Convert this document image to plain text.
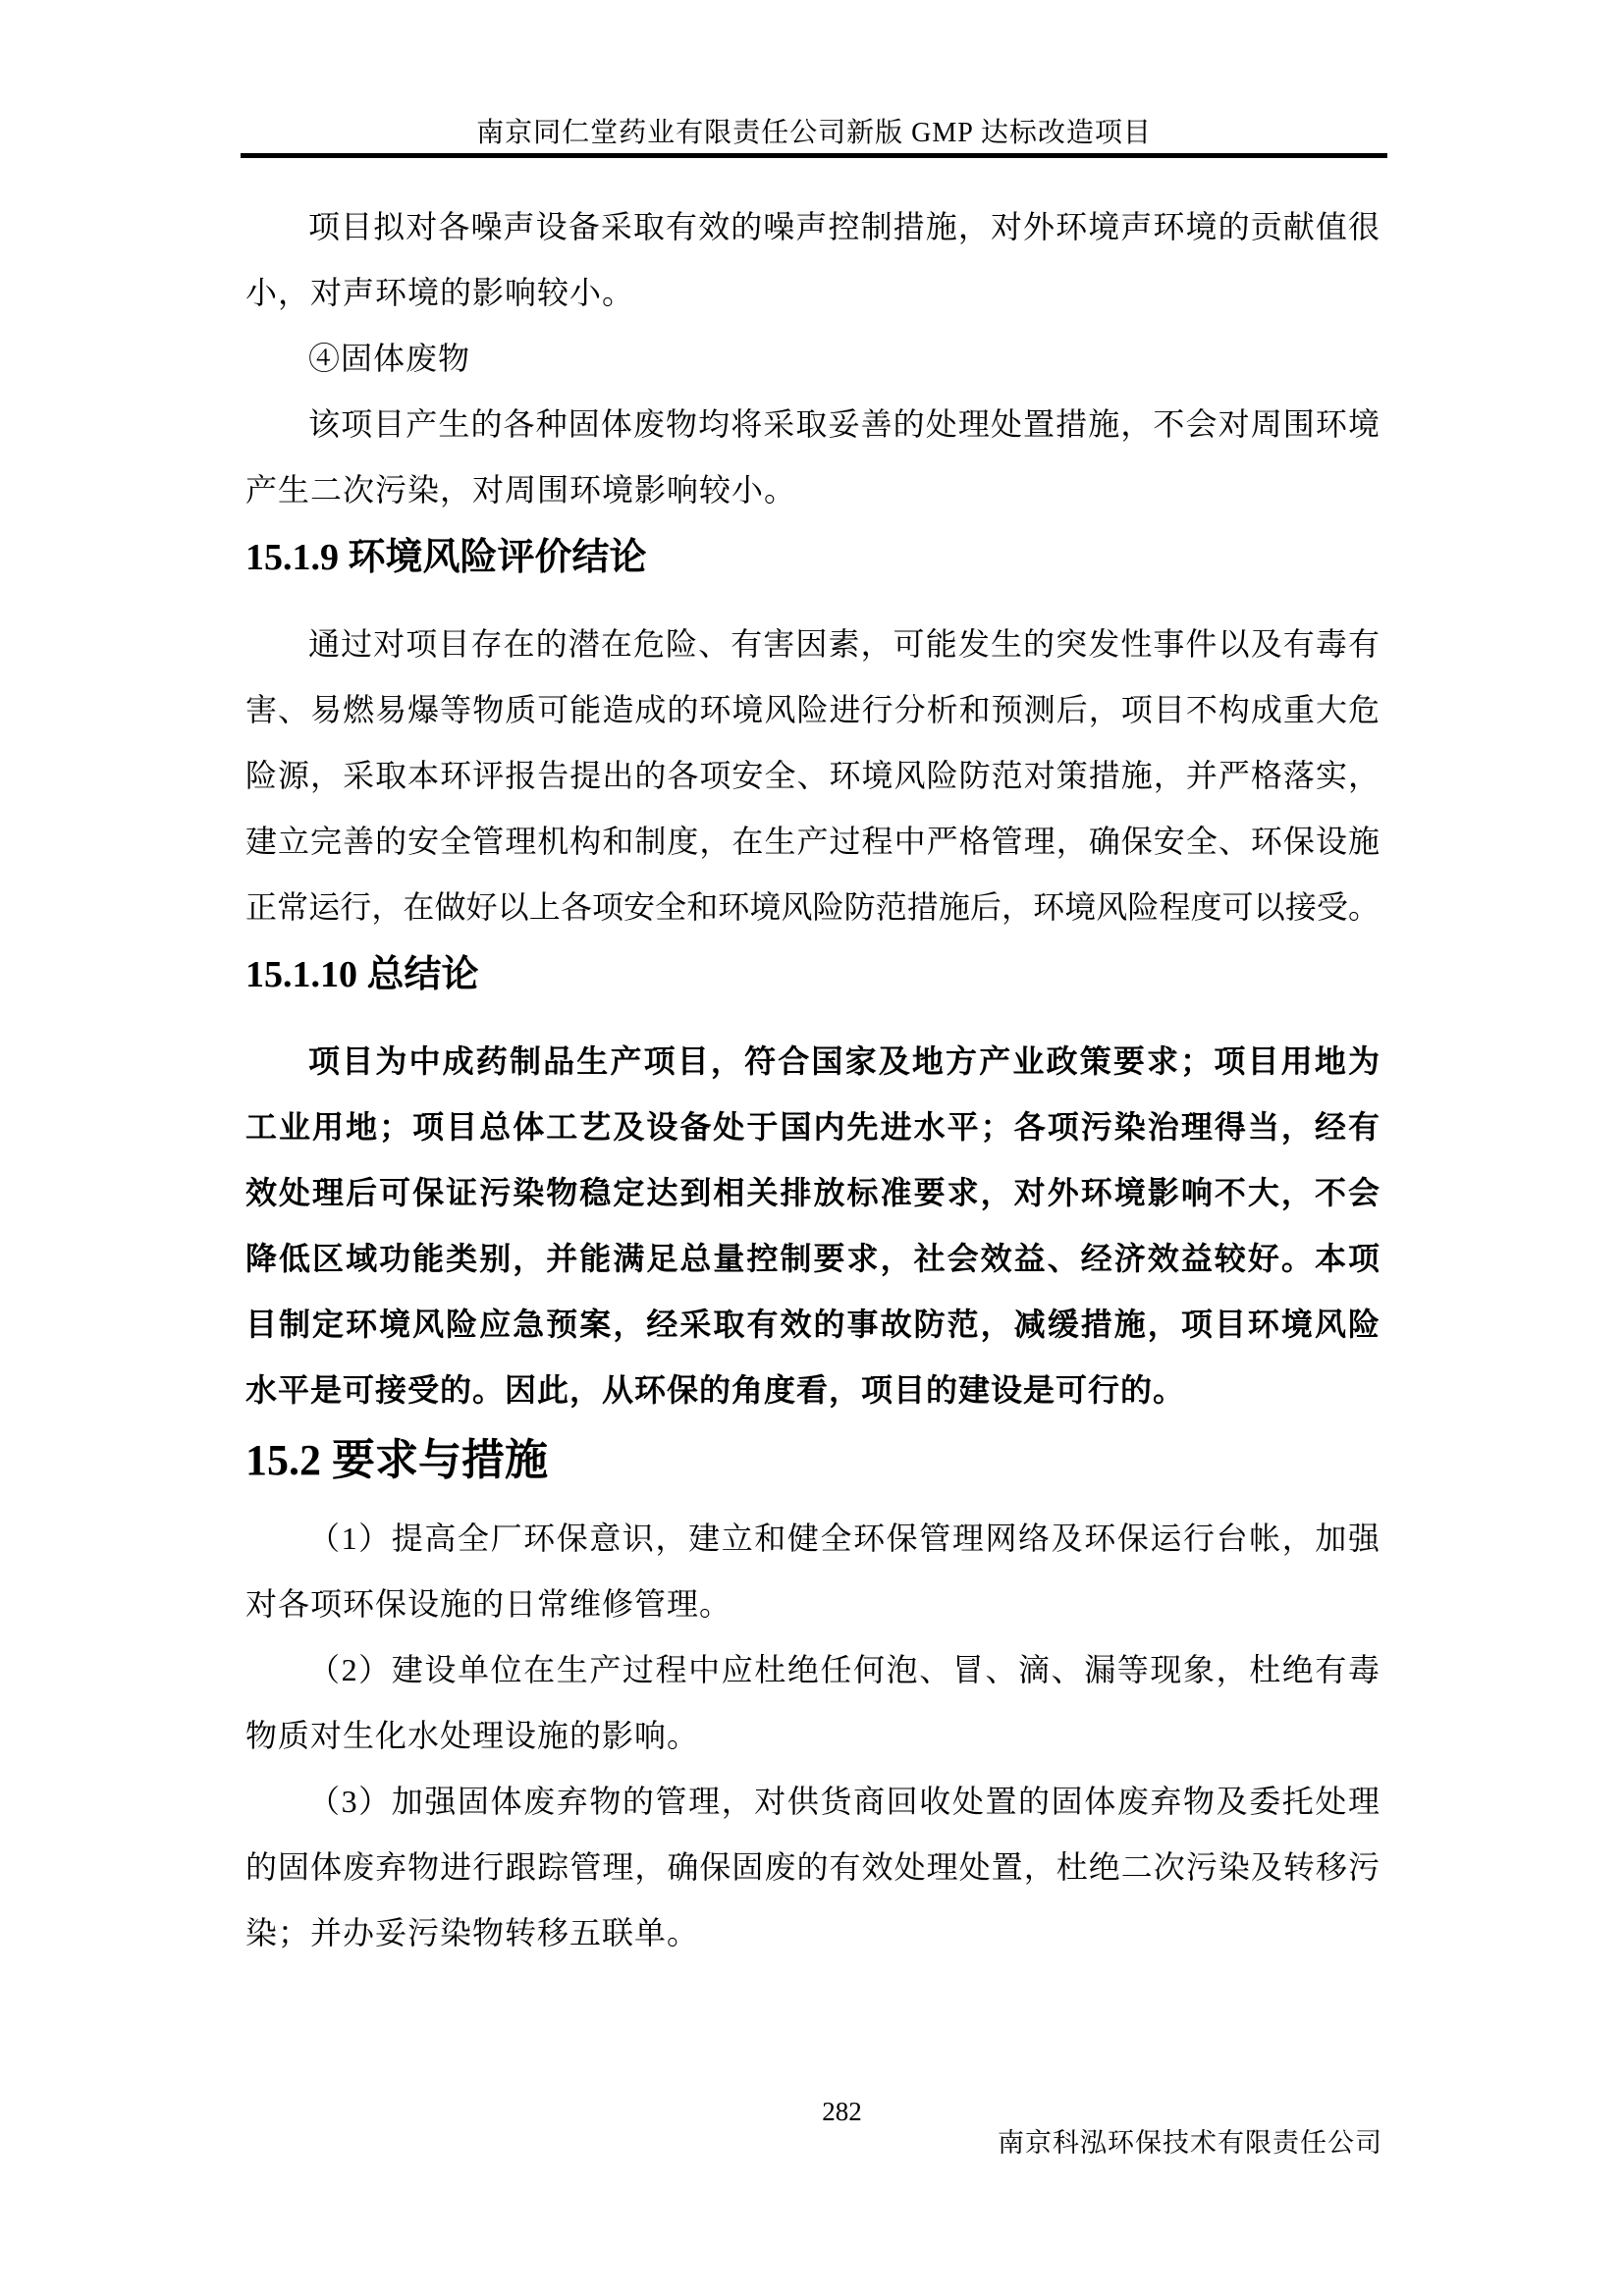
南京同仁堂药业有限责任公司新版 GMP 达标改造项目
项目拟对各噪声设备采取有效的噪声控制措施，对外环境声环境的贡献值很
小，对声环境的影响较小。
④固体废物
该项目产生的各种固体废物均将采取妥善的处理处置措施，不会对周围环境
产生二次污染，对周围环境影响较小。
15.1.9 环境风险评价结论
通过对项目存在的潜在危险、有害因素，可能发生的突发性事件以及有毒有
害、易燃易爆等物质可能造成的环境风险进行分析和预测后，项目不构成重大危
险源，采取本环评报告提出的各项安全、环境风险防范对策措施，并严格落实，
建立完善的安全管理机构和制度，在生产过程中严格管理，确保安全、环保设施
正常运行，在做好以上各项安全和环境风险防范措施后，环境风险程度可以接受。
15.1.10 总结论
项目为中成药制品生产项目，符合国家及地方产业政策要求；项目用地为
工业用地；项目总体工艺及设备处于国内先进水平；各项污染治理得当，经有
效处理后可保证污染物稳定达到相关排放标准要求，对外环境影响不大，不会
降低区域功能类别，并能满足总量控制要求，社会效益、经济效益较好。本项
目制定环境风险应急预案，经采取有效的事故防范，减缓措施，项目环境风险
水平是可接受的。因此，从环保的角度看，项目的建设是可行的。
15.2 要求与措施
（1）提高全厂环保意识，建立和健全环保管理网络及环保运行台帐，加强
对各项环保设施的日常维修管理。
（2）建设单位在生产过程中应杜绝任何泡、冒、滴、漏等现象，杜绝有毒
物质对生化水处理设施的影响。
（3）加强固体废弃物的管理，对供货商回收处置的固体废弃物及委托处理
的固体废弃物进行跟踪管理，确保固废的有效处理处置，杜绝二次污染及转移污
染；并办妥污染物转移五联单。
282
南京科泓环保技术有限责任公司
